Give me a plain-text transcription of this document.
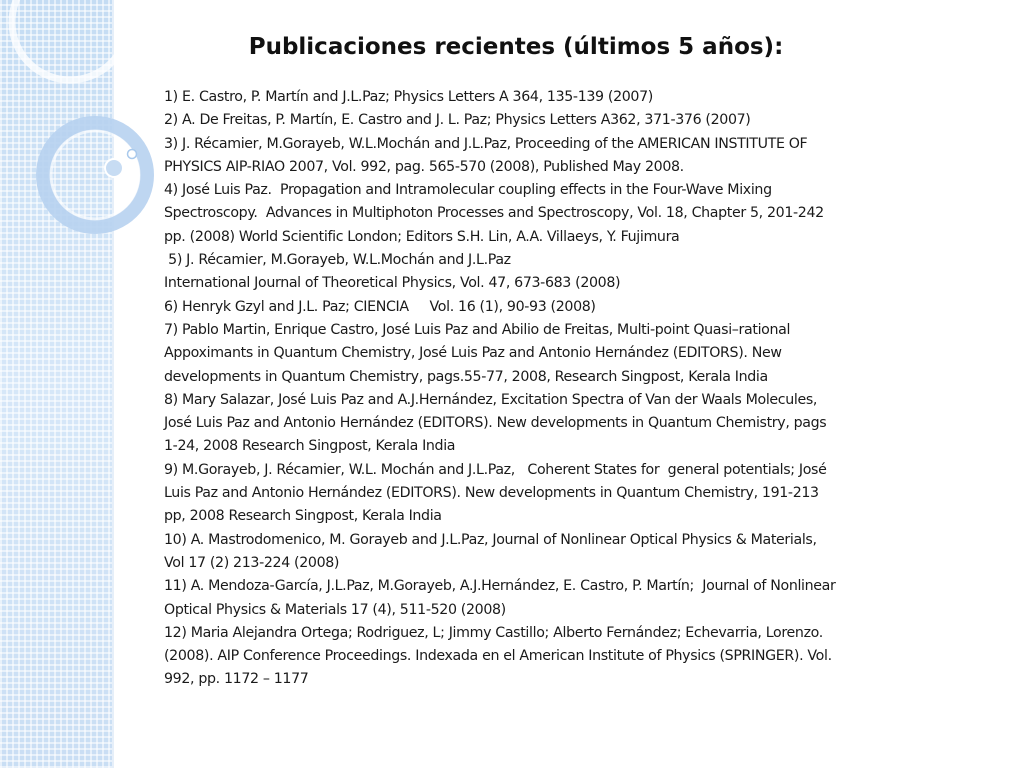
Publicaciones recientes (últimos 5 años):
1) E. Castro, P. Martín and J.L.Paz; Physics Letters A 364, 135-139 (2007)
2) A. De Freitas, P. Martín, E. Castro and J. L. Paz; Physics Letters A362, 371-376 (2007)
3) J. Récamier, M.Gorayeb, W.L.Mochán and J.L.Paz, Proceeding of the AMERICAN INSTITUTE OF
PHYSICS AIP-RIAO 2007, Vol. 992, pag. 565-570 (2008), Published May 2008.
4) José Luis Paz.  Propagation and Intramolecular coupling effects in the Four-Wave Mixing
Spectroscopy.  Advances in Multiphoton Processes and Spectroscopy, Vol. 18, Chapter 5, 201-242
pp. (2008) World Scientific London; Editors S.H. Lin, A.A. Villaeys, Y. Fujimura
5) J. Récamier, M.Gorayeb, W.L.Mochán and J.L.Paz
International Journal of Theoretical Physics, Vol. 47, 673-683 (2008)
6) Henryk Gzyl and J.L. Paz; CIENCIA     Vol. 16 (1), 90-93 (2008)
7) Pablo Martin, Enrique Castro, José Luis Paz and Abilio de Freitas, Multi-point Quasi–rational
Appoximants in Quantum Chemistry, José Luis Paz and Antonio Hernández (EDITORS). New
developments in Quantum Chemistry, pags.55-77, 2008, Research Singpost, Kerala India
8) Mary Salazar, José Luis Paz and A.J.Hernández, Excitation Spectra of Van der Waals Molecules,
José Luis Paz and Antonio Hernández (EDITORS). New developments in Quantum Chemistry, pags
1-24, 2008 Research Singpost, Kerala India
9) M.Gorayeb, J. Récamier, W.L. Mochán and J.L.Paz,   Coherent States for  general potentials; José
Luis Paz and Antonio Hernández (EDITORS). New developments in Quantum Chemistry, 191-213
pp, 2008 Research Singpost, Kerala India
10) A. Mastrodomenico, M. Gorayeb and J.L.Paz, Journal of Nonlinear Optical Physics & Materials,
Vol 17 (2) 213-224 (2008)
11) A. Mendoza-García, J.L.Paz, M.Gorayeb, A.J.Hernández, E. Castro, P. Martín;  Journal of Nonlinear
Optical Physics & Materials 17 (4), 511-520 (2008)
12) Maria Alejandra Ortega; Rodriguez, L; Jimmy Castillo; Alberto Fernández; Echevarria, Lorenzo.
(2008). AIP Conference Proceedings. Indexada en el American Institute of Physics (SPRINGER). Vol.
992, pp. 1172 – 1177
